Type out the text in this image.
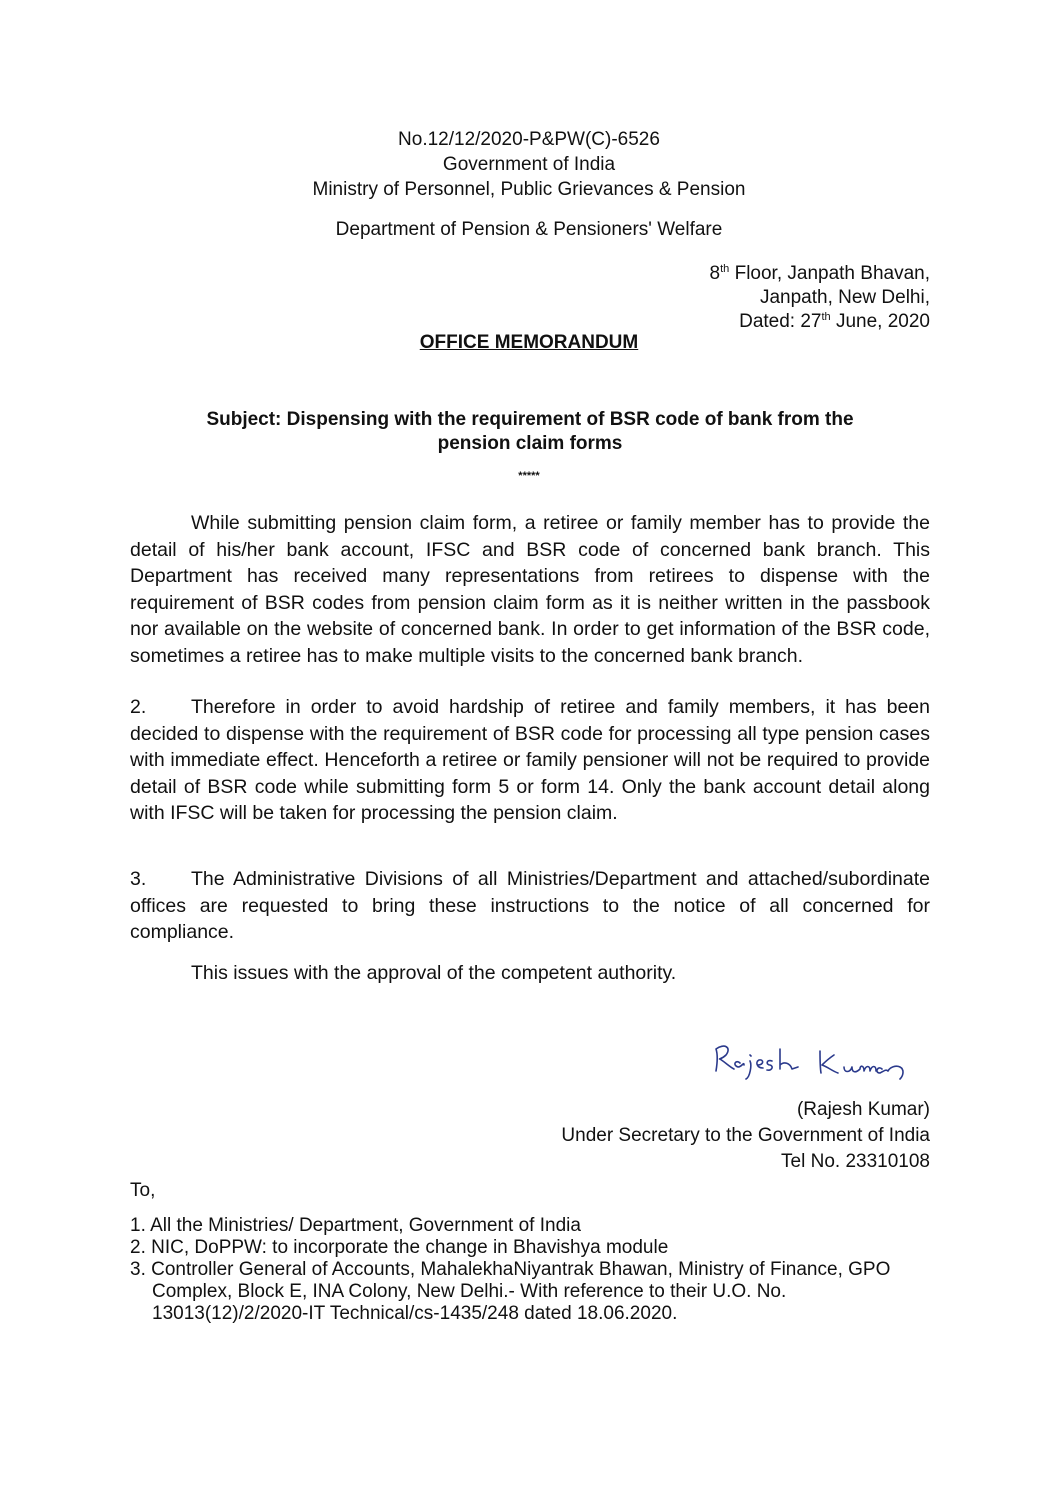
No.12/12/2020-P&PW(C)-6526
Government of India
Ministry of Personnel, Public Grievances & Pension
Department of Pension & Pensioners' Welfare
8th Floor, Janpath Bhavan,
Janpath, New Delhi,
Dated: 27th June, 2020
OFFICE MEMORANDUM
Subject: Dispensing with the requirement of BSR code of bank from the
pension claim forms
*****
While submitting pension claim form, a retiree or family member has to provide the detail of his/her bank account, IFSC and BSR code of concerned bank branch. This Department has received many representations from retirees to dispense with the requirement of BSR codes from pension claim form as it is neither written in the passbook nor available on the website of concerned bank. In order to get information of the BSR code, sometimes a retiree has to make multiple visits to the concerned bank branch.
2. Therefore in order to avoid hardship of retiree and family members, it has been decided to dispense with the requirement of BSR code for processing all type pension cases with immediate effect. Henceforth a retiree or family pensioner will not be required to provide detail of BSR code while submitting form 5 or form 14. Only the bank account detail along with IFSC will be taken for processing the pension claim.
3. The Administrative Divisions of all Ministries/Department and attached/subordinate offices are requested to bring these instructions to the notice of all concerned for compliance.
This issues with the approval of the competent authority.
(Rajesh Kumar)
Under Secretary to the Government of India
Tel No. 23310108
To,
1. All the Ministries/ Department, Government of India
2. NIC, DoPPW: to incorporate the change in Bhavishya module
3. Controller General of Accounts, MahalekhaNiyantrak Bhawan, Ministry of Finance, GPO Complex, Block E, INA Colony, New Delhi.- With reference to their U.O. No. 13013(12)/2/2020-IT Technical/cs-1435/248 dated 18.06.2020.
